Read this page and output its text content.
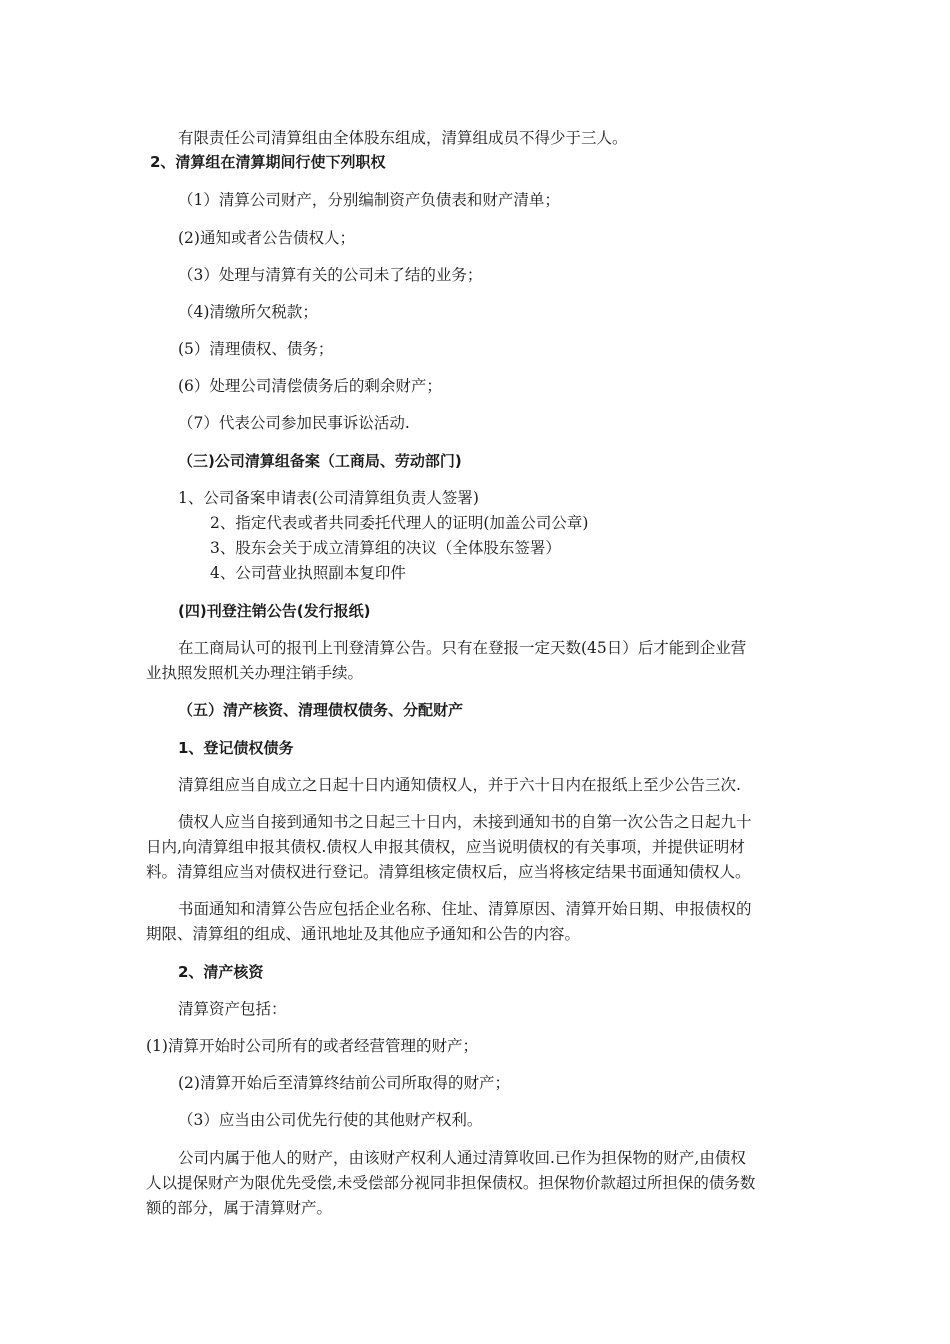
有限责任公司清算组由全体股东组成，清算组成员不得少于三人。
2、清算组在清算期间行使下列职权
（1）清算公司财产，分别编制资产负债表和财产清单；
(2)通知或者公告债权人；
（3）处理与清算有关的公司未了结的业务；
（4)清缴所欠税款；
(5）清理债权、债务；
(6）处理公司清偿债务后的剩余财产；
（7）代表公司参加民事诉讼活动.
（三)公司清算组备案（工商局、劳动部门)
1、公司备案申请表(公司清算组负责人签署)
2、指定代表或者共同委托代理人的证明(加盖公司公章)
3、股东会关于成立清算组的决议（全体股东签署）
4、公司营业执照副本复印件
(四)刊登注销公告(发行报纸)
在工商局认可的报刊上刊登清算公告。只有在登报一定天数(45日）后才能到企业营
业执照发照机关办理注销手续。
（五）清产核资、清理债权债务、分配财产
1、登记债权债务
清算组应当自成立之日起十日内通知债权人，并于六十日内在报纸上至少公告三次.
债权人应当自接到通知书之日起三十日内，未接到通知书的自第一次公告之日起九十
日内,向清算组申报其债权.债权人申报其债权，应当说明债权的有关事项，并提供证明材
料。清算组应当对债权进行登记。清算组核定债权后，应当将核定结果书面通知债权人。
书面通知和清算公告应包括企业名称、住址、清算原因、清算开始日期、申报债权的
期限、清算组的组成、通讯地址及其他应予通知和公告的内容。
2、清产核资
清算资产包括：
(1)清算开始时公司所有的或者经营管理的财产；
(2)清算开始后至清算终结前公司所取得的财产；
（3）应当由公司优先行使的其他财产权利。
公司内属于他人的财产，由该财产权利人通过清算收回.已作为担保物的财产,由债权
人以提保财产为限优先受偿,未受偿部分视同非担保债权。担保物价款超过所担保的债务数
额的部分，属于清算财产。
